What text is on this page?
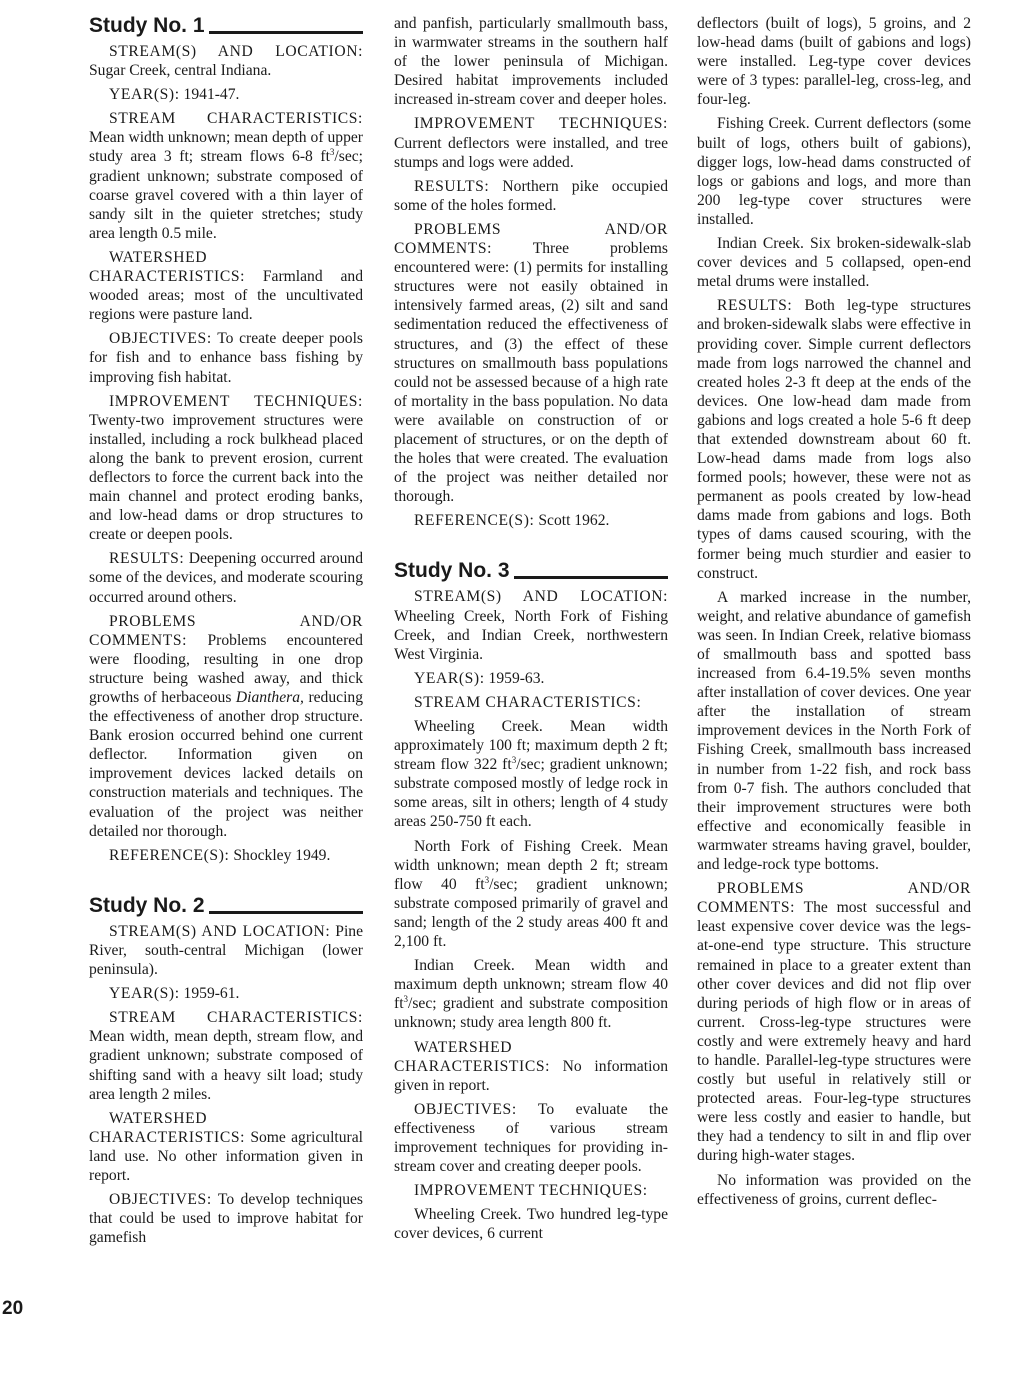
Study No. 1

STREAM(S) AND LOCATION: Sugar Creek, central Indiana.

YEAR(S): 1941-47.

STREAM CHARACTERISTICS: Mean width unknown; mean depth of upper study area 3 ft; stream flows 6-8 $ft^3/\sec$; gradient unknown; substrate composed of coarse gravel covered with a thin layer of sandy silt in the quieter stretches; study area length 0.5 mile.

WATERSHED CHARACTERISTICS: Farmland and wooded areas; most of the uncultivated regions were pasture land.

OBJECTIVES: To create deeper pools for fish and to enhance bass fishing by improving fish habitat.

IMPROVEMENT TECHNIQUES: Twenty-two improvement structures were installed, including a rock bulkhead placed along the bank to prevent erosion, current deflectors to force the current back into the main channel and protect eroding banks, and low-head dams or drop structures to create or deepen pools.

RESULTS: Deepening occurred around some of the devices, and moderate scouring occurred around others.

PROBLEMS AND/OR COMMENTS: Problems encountered were flooding, resulting in one drop structure being washed away, and thick growths of herbaceous Dianthera, reducing the effectiveness of another drop structure. Bank erosion occurred behind one current deflector. Information given on improvement devices lacked details on construction materials and techniques. The evaluation of the project was neither detailed nor thorough.

REFERENCE(S): Shockley 1949.

Study No. 2

STREAM(S) AND LOCATION: Pine River, south-central Michigan (lower peninsula).

YEAR(S): 1959-61.

STREAM CHARACTERISTICS: Mean width, mean depth, stream flow, and gradient unknown; substrate composed of shifting sand with a heavy silt load; study area length 2 miles.

WATERSHED CHARACTERISTICS: Some agricultural land use. No other information given in report.

OBJECTIVES: To develop techniques that could be used to improve habitat for gamefish

and panfish, particularly smallmouth bass, in warmwater streams in the southern half of the lower peninsula of Michigan. Desired habitat improvements included increased in-stream cover and deeper holes.

IMPROVEMENT TECHNIQUES: Current deflectors were installed, and tree stumps and logs were added.

RESULTS: Northern pike occupied some of the holes formed.

PROBLEMS AND/OR COMMENTS:	Three problems encountered were: (1) permits for installing structures were not easily obtained in intensively farmed areas, (2) silt and sand sedimentation reduced the effectiveness of structures, and (3) the effect of these structures on smallmouth bass populations could not be assessed because of a high rate of mortality in the bass population. No data were available on construction of or placement of structures, or on the depth of the holes that were created. The evaluation of the project was neither detailed nor thorough.

REFERENCE(S): Scott 1962.

Study No. 3

STREAM(S) AND LOCATION: Wheeling Creek, North Fork of Fishing Creek, and Indian Creek, northwestern West Virginia.

YEAR(S): 1959-63.

STREAM CHARACTERISTICS:

Wheeling Creek. Mean width approximately 100 ft; maximum depth 2 ft; stream flow 322 $ft^3/\sec$; gradient unknown; substrate composed mostly of ledge rock in some areas, silt in others; length of 4 study areas 250-750 ft each.

North Fork of Fishing Creek. Mean width unknown; mean depth 2 ft; stream flow 40 $ft^3/\sec$; gradient unknown; substrate composed primarily of gravel and sand; length of the 2 study areas 400 ft and 2,100 ft.

Indian Creek. Mean width and maximum depth unknown; stream flow 40 $ft^3/\sec$; gradient and substrate composition unknown; study area length 800 ft.

WATERSHED CHARACTERISTICS: No information given in report.

OBJECTIVES: To evaluate the effectiveness of various stream improvement techniques for providing in-stream cover and creating deeper pools.

IMPROVEMENT TECHNIQUES:

Wheeling Creek. Two hundred leg-type cover devices, 6 current

deflectors (built of logs), 5 groins, and 2 low-head dams (built of gabions and logs) were installed. Leg-type cover devices were of 3 types: parallel-leg, cross-leg, and four-leg.

Fishing Creek. Current deflectors (some built of logs, others built of gabions), digger logs, low-head dams constructed of logs or gabions and logs, and more than 200 leg-type cover structures were installed.

Indian Creek. Six broken-sidewalk-slab cover devices and 5 collapsed, open-end metal drums were installed.

RESULTS: Both leg-type structures and broken-sidewalk slabs were effective in providing cover. Simple current deflectors made from logs narrowed the channel and created holes 2-3 ft deep at the ends of the devices. One low-head dam made from gabions and logs created a hole 5-6 ft deep that extended downstream about 60 ft. Low-head dams made from logs also formed pools; however, these were not as permanent as pools created by low-head dams made from gabions and logs. Both types of dams caused scouring, with the former being much sturdier and easier to construct.

A marked increase in the number, weight, and relative abundance of gamefish was seen. In Indian Creek, relative biomass of smallmouth bass and spotted bass increased from 6.4-19.5% seven months after installation of cover devices. One year after the installation of stream improvement devices in the North Fork of Fishing Creek, smallmouth bass increased in number from 1-22 fish, and rock bass from 0-7 fish. The authors concluded that their improvement structures were both effective and economically feasible in warmwater streams having gravel, boulder, and ledge-rock type bottoms.

PROBLEMS AND/OR COMMENTS: The most successful and least expensive cover device was the legs-at-one-end type structure. This structure remained in place to a greater extent than other cover devices and did not flip over during periods of high flow or in areas of current. Cross-leg-type structures were costly and were extremely heavy and hard to handle. Parallel-leg-type structures were costly but useful in relatively still or protected areas. Four-leg-type structures were less costly and easier to handle, but they had a tendency to silt in and flip over during high-water stages.

No information was provided on the effectiveness of groins, current deflec-

20
